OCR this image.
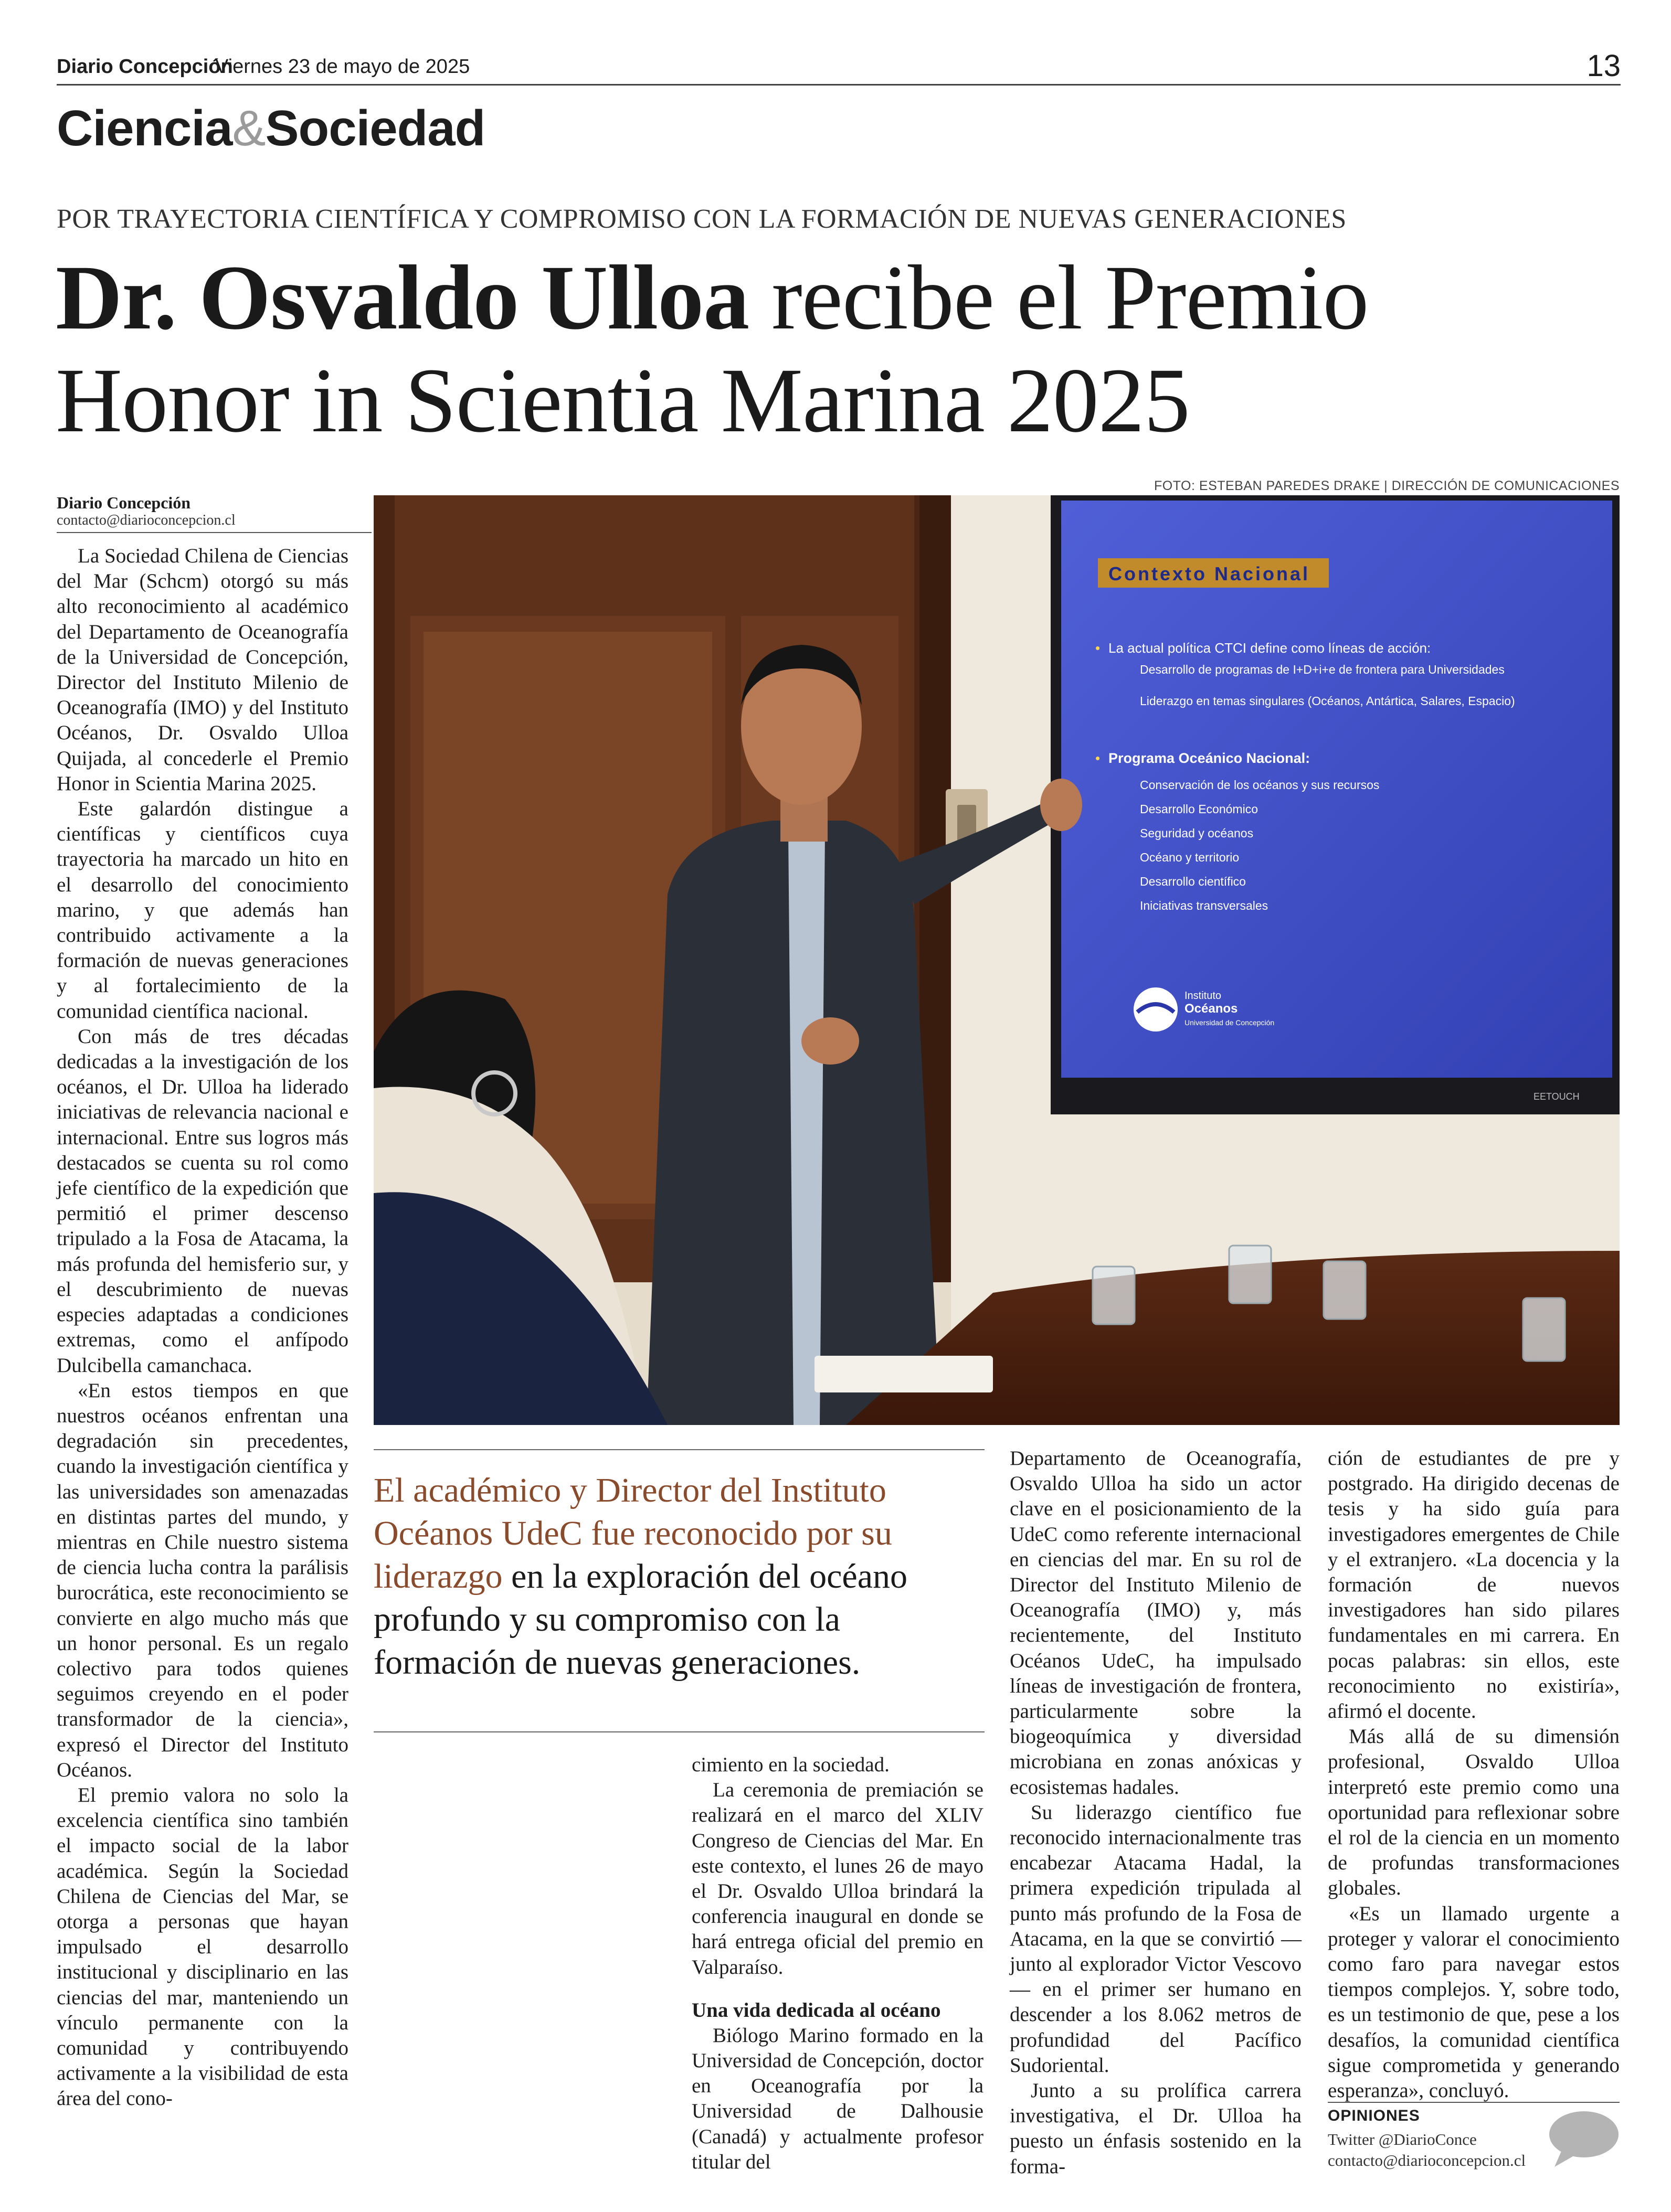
Diario Concepción
Viernes 23 de mayo de 2025	13
Ciencia&Sociedad
POR TRAYECTORIA CIENTÍFICA Y COMPROMISO CON LA FORMACIÓN DE NUEVAS GENERACIONES
Dr. Osvaldo Ulloa recibe el Premio Honor in Scientia Marina 2025
Diario Concepción
contacto@diarioconcepcion.cl

La Sociedad Chilena de Ciencias del Mar (Schcm) otorgó su más alto reconocimiento al académico del Departamento de Oceanografía de la Universidad de Concepción, Director del Instituto Milenio de Oceanografía (IMO) y del Instituto Océanos, Dr. Osvaldo Ulloa Quijada, al concederle el Premio Honor in Scientia Marina 2025.

Este galardón distingue a científicas y científicos cuya trayectoria ha marcado un hito en el desarrollo del conocimiento marino, y que además han contribuido activamente a la formación de nuevas generaciones y al fortalecimiento de la comunidad científica nacional.

Con más de tres décadas dedicadas a la investigación de los océanos, el Dr. Ulloa ha liderado iniciativas de relevancia nacional e internacional. Entre sus logros más destacados se cuenta su rol como jefe científico de la expedición que permitió el primer descenso tripulado a la Fosa de Atacama, la más profunda del hemisferio sur, y el descubrimiento de nuevas especies adaptadas a condiciones extremas, como el anfípodo Dulcibella camanchaca.

«En estos tiempos en que nuestros océanos enfrentan una degradación sin precedentes, cuando la investigación científica y las universidades son amenazadas en distintas partes del mundo, y mientras en Chile nuestro sistema de ciencia lucha contra la parálisis burocrática, este reconocimiento se convierte en algo mucho más que un honor personal. Es un regalo colectivo para todos quienes seguimos creyendo en el poder transformador de la ciencia», expresó el Director del Instituto Océanos.

El premio valora no solo la excelencia científica sino también el impacto social de la labor académica. Según la Sociedad Chilena de Ciencias del Mar, se otorga a personas que hayan impulsado el desarrollo institucional y disciplinario en las ciencias del mar, manteniendo un vínculo permanente con la comunidad y contribuyendo activamente a la visibilidad de esta área del cono-

FOTO: ESTEBAN PAREDES DRAKE | DIRECCIÓN DE COMUNICACIONES
Contexto Nacional
• La actual política CTCI define como líneas de acción:
Desarrollo de programas de I+D+i+e de frontera para Universidades
Liderazgo en temas singulares (Océanos, Antártica, Salares, Espacio)
• Programa Oceánico Nacional:
Conservación de los océanos y sus recursos
Desarrollo Económico
Seguridad y océanos
Océano y territorio
Desarrollo científico
Iniciativas transversales
Instituto
Océanos
Universidad de Concepción
EETOUCH
El académico y Director del Instituto Océanos UdeC fue reconocido por su liderazgo en la exploración del océano profundo y su compromiso con la formación de nuevas generaciones.

cimiento en la sociedad.

La ceremonia de premiación se realizará en el marco del XLIV Congreso de Ciencias del Mar. En este contexto, el lunes 26 de mayo el Dr. Osvaldo Ulloa brindará la conferencia inaugural en donde se hará entrega oficial del premio en Valparaíso.

Una vida dedicada al océano

Biólogo Marino formado en la Universidad de Concepción, doctor en Oceanografía por la Universidad de Dalhousie (Canadá) y actualmente profesor titular del

Departamento de Oceanografía, Osvaldo Ulloa ha sido un actor clave en el posicionamiento de la UdeC como referente internacional en ciencias del mar. En su rol de Director del Instituto Milenio de Oceanografía (IMO) y, más recientemente, del Instituto Océanos UdeC, ha impulsado líneas de investigación de frontera, particularmente sobre la biogeoquímica y diversidad microbiana en zonas anóxicas y ecosistemas hadales.

Su liderazgo científico fue reconocido internacionalmente tras encabezar Atacama Hadal, la primera expedición tripulada al punto más profundo de la Fosa de Atacama, en la que se convirtió —junto al explorador Victor Vescovo— en el primer ser humano en descender a los 8.062 metros de profundidad del Pacífico Sudoriental.

Junto a su prolífica carrera investigativa, el Dr. Ulloa ha puesto un énfasis sostenido en la forma-

ción de estudiantes de pre y postgrado. Ha dirigido decenas de tesis y ha sido guía para investigadores emergentes de Chile y el extranjero. «La docencia y la formación de nuevos investigadores han sido pilares fundamentales en mi carrera. En pocas palabras: sin ellos, este reconocimiento no existiría», afirmó el docente.

Más allá de su dimensión profesional, Osvaldo Ulloa interpretó este premio como una oportunidad para reflexionar sobre el rol de la ciencia en un momento de profundas transformaciones globales.

«Es un llamado urgente a proteger y valorar el conocimiento como faro para navegar estos tiempos complejos. Y, sobre todo, es un testimonio de que, pese a los desafíos, la comunidad científica sigue comprometida y generando esperanza», concluyó.

OPINIONES
Twitter @DiarioConce
contacto@diarioconcepcion.cl
